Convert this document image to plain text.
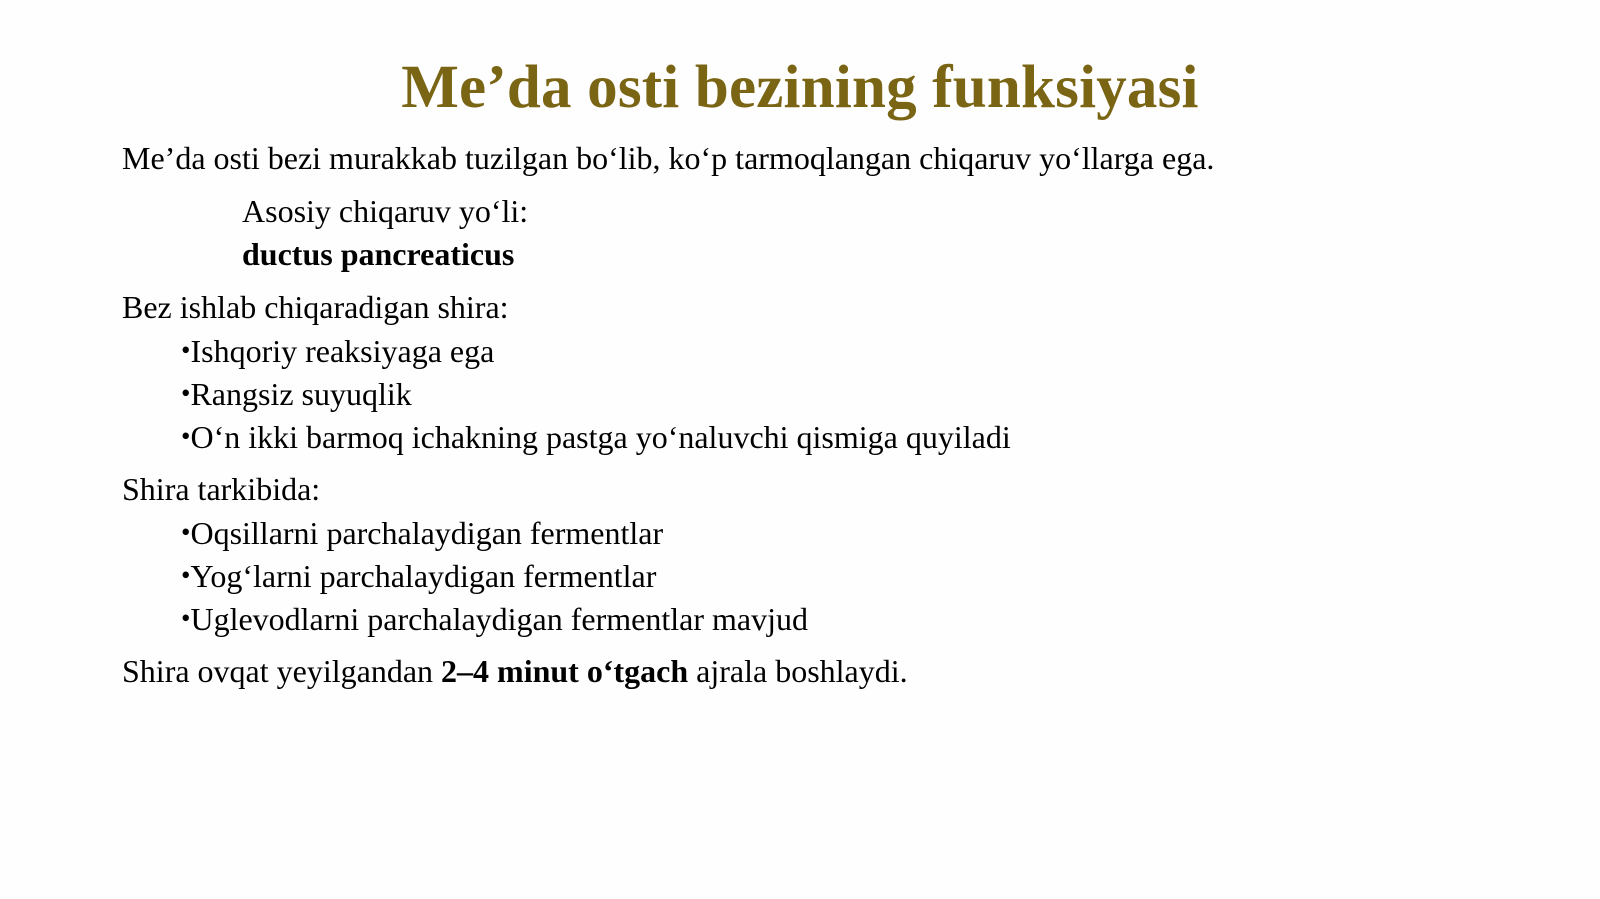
Me’da osti bezining funksiyasi
Me’da osti bezi murakkab tuzilgan bo‘lib, ko‘p tarmoqlangan chiqaruv yo‘llarga ega.
Asosiy chiqaruv yo‘li:
ductus pancreaticus
Bez ishlab chiqaradigan shira:
•Ishqoriy reaksiyaga ega
•Rangsiz suyuqlik
•O‘n ikki barmoq ichakning pastga yo‘naluvchi qismiga quyiladi
Shira tarkibida:
•Oqsillarni parchalaydigan fermentlar
•Yog‘larni parchalaydigan fermentlar
•Uglevodlarni parchalaydigan fermentlar mavjud
Shira ovqat yeyilgandan 2–4 minut o‘tgach ajrala boshlaydi.
